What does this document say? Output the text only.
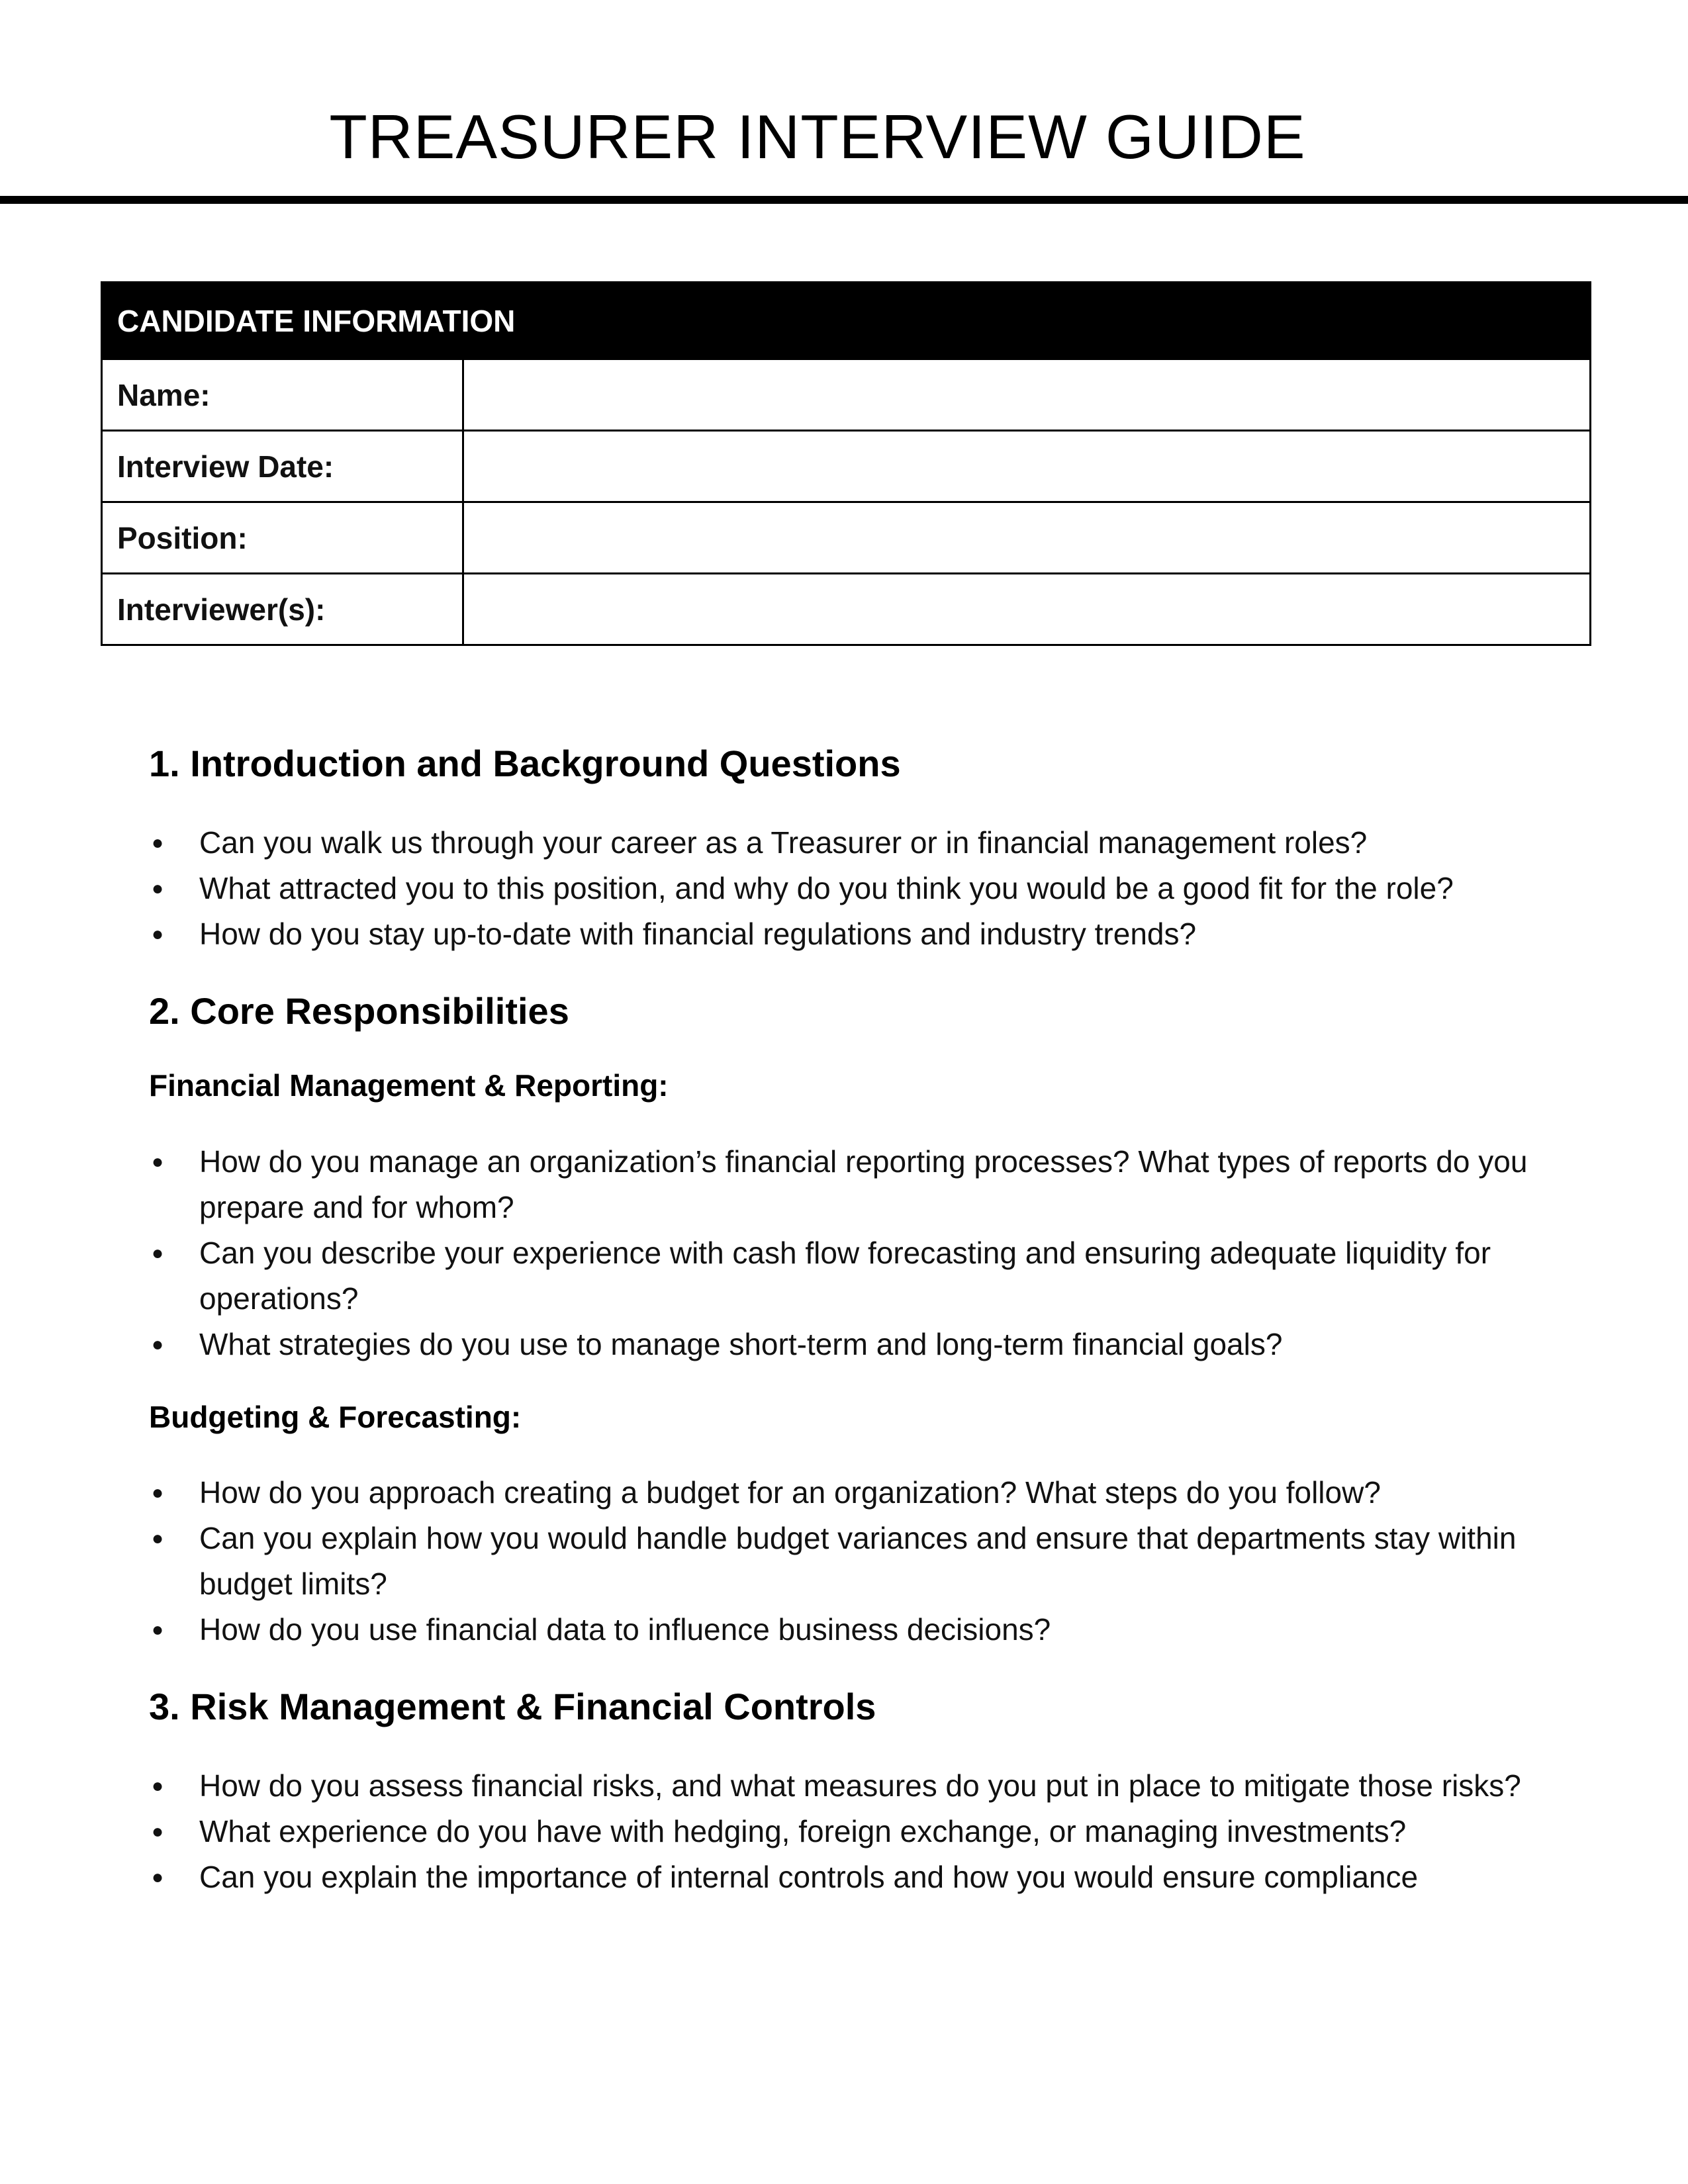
TREASURER INTERVIEW GUIDE
CANDIDATE INFORMATION	
Name:	
Interview Date:	
Position:	
Interviewer(s):	
1. Introduction and Background Questions
● Can you walk us through your career as a Treasurer or in financial management roles?
● What attracted you to this position, and why do you think you would be a good fit for the role?
● How do you stay up-to-date with financial regulations and industry trends?
2. Core Responsibilities
Financial Management & Reporting:
● How do you manage an organization’s financial reporting processes? What types of reports do you prepare and for whom?
● Can you describe your experience with cash flow forecasting and ensuring adequate liquidity for operations?
● What strategies do you use to manage short-term and long-term financial goals?
Budgeting & Forecasting:
● How do you approach creating a budget for an organization? What steps do you follow?
● Can you explain how you would handle budget variances and ensure that departments stay within budget limits?
● How do you use financial data to influence business decisions?
3. Risk Management & Financial Controls
● How do you assess financial risks, and what measures do you put in place to mitigate those risks?
● What experience do you have with hedging, foreign exchange, or managing investments?
● Can you explain the importance of internal controls and how you would ensure compliance
